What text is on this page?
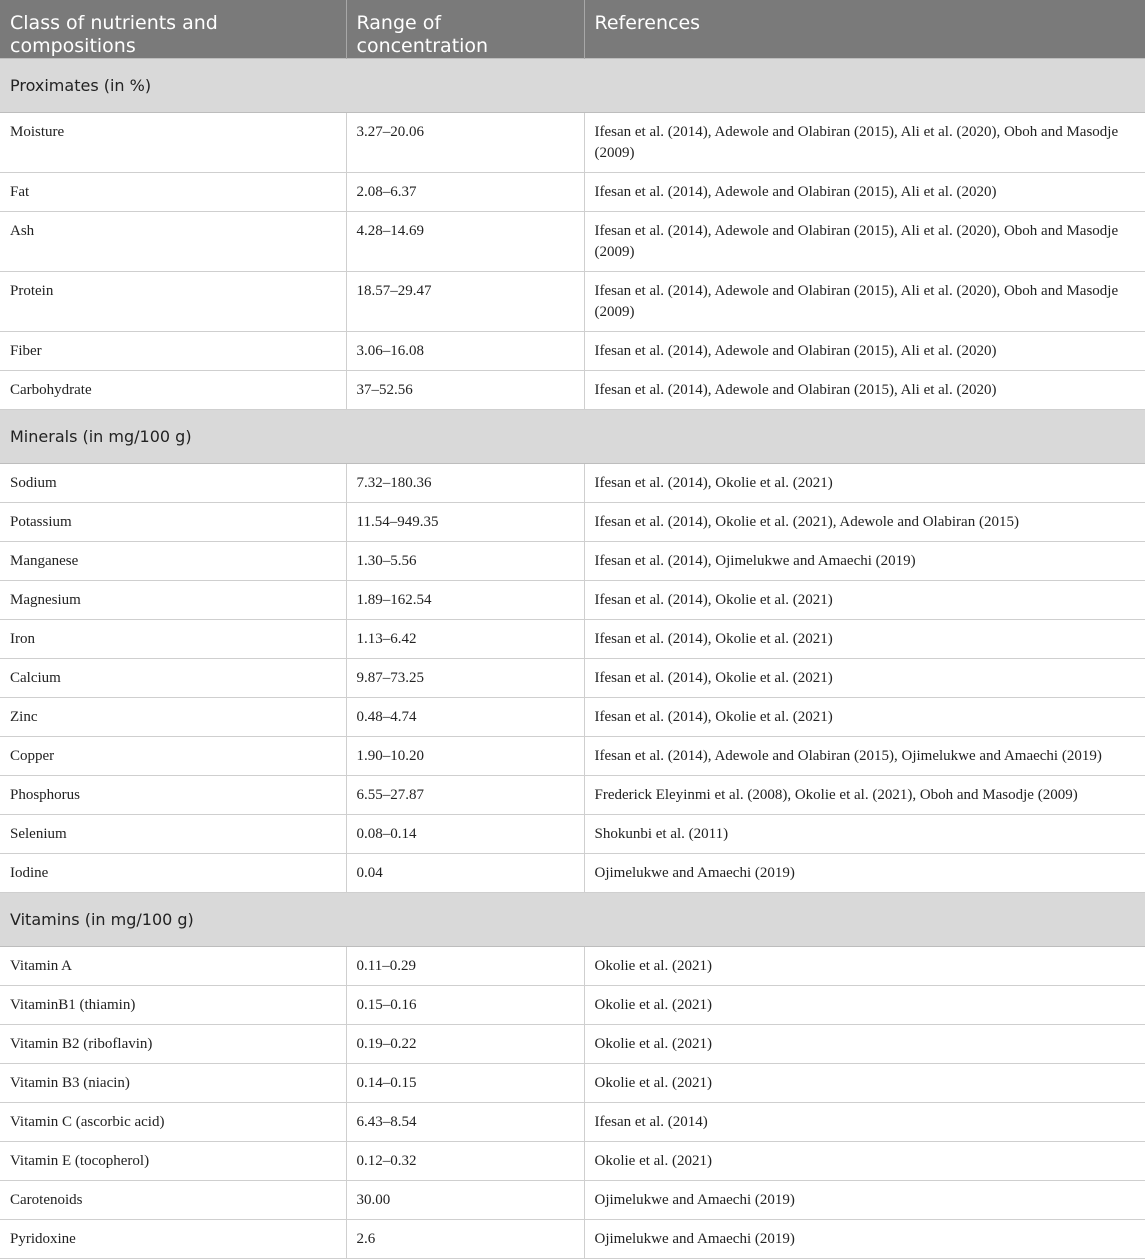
Class of nutrients and compositions	Range of concentration	References
Proximates (in %)		
Moisture	3.27–20.06	Ifesan et al. (2014), Adewole and Olabiran (2015), Ali et al. (2020), Oboh and Masodje (2009)
Fat	2.08–6.37	Ifesan et al. (2014), Adewole and Olabiran (2015), Ali et al. (2020)
Ash	4.28–14.69	Ifesan et al. (2014), Adewole and Olabiran (2015), Ali et al. (2020), Oboh and Masodje (2009)
Protein	18.57–29.47	Ifesan et al. (2014), Adewole and Olabiran (2015), Ali et al. (2020), Oboh and Masodje (2009)
Fiber	3.06–16.08	Ifesan et al. (2014), Adewole and Olabiran (2015), Ali et al. (2020)
Carbohydrate	37–52.56	Ifesan et al. (2014), Adewole and Olabiran (2015), Ali et al. (2020)
Minerals (in mg/100 g)		
Sodium	7.32–180.36	Ifesan et al. (2014), Okolie et al. (2021)
Potassium	11.54–949.35	Ifesan et al. (2014), Okolie et al. (2021), Adewole and Olabiran (2015)
Manganese	1.30–5.56	Ifesan et al. (2014), Ojimelukwe and Amaechi (2019)
Magnesium	1.89–162.54	Ifesan et al. (2014), Okolie et al. (2021)
Iron	1.13–6.42	Ifesan et al. (2014), Okolie et al. (2021)
Calcium	9.87–73.25	Ifesan et al. (2014), Okolie et al. (2021)
Zinc	0.48–4.74	Ifesan et al. (2014), Okolie et al. (2021)
Copper	1.90–10.20	Ifesan et al. (2014), Adewole and Olabiran (2015), Ojimelukwe and Amaechi (2019)
Phosphorus	6.55–27.87	Frederick Eleyinmi et al. (2008), Okolie et al. (2021), Oboh and Masodje (2009)
Selenium	0.08–0.14	Shokunbi et al. (2011)
Iodine	0.04	Ojimelukwe and Amaechi (2019)
Vitamins (in mg/100 g)		
Vitamin A	0.11–0.29	Okolie et al. (2021)
VitaminB1 (thiamin)	0.15–0.16	Okolie et al. (2021)
Vitamin B2 (riboflavin)	0.19–0.22	Okolie et al. (2021)
Vitamin B3 (niacin)	0.14–0.15	Okolie et al. (2021)
Vitamin C (ascorbic acid)	6.43–8.54	Ifesan et al. (2014)
Vitamin E (tocopherol)	0.12–0.32	Okolie et al. (2021)
Carotenoids	30.00	Ojimelukwe and Amaechi (2019)
Pyridoxine	2.6	Ojimelukwe and Amaechi (2019)
